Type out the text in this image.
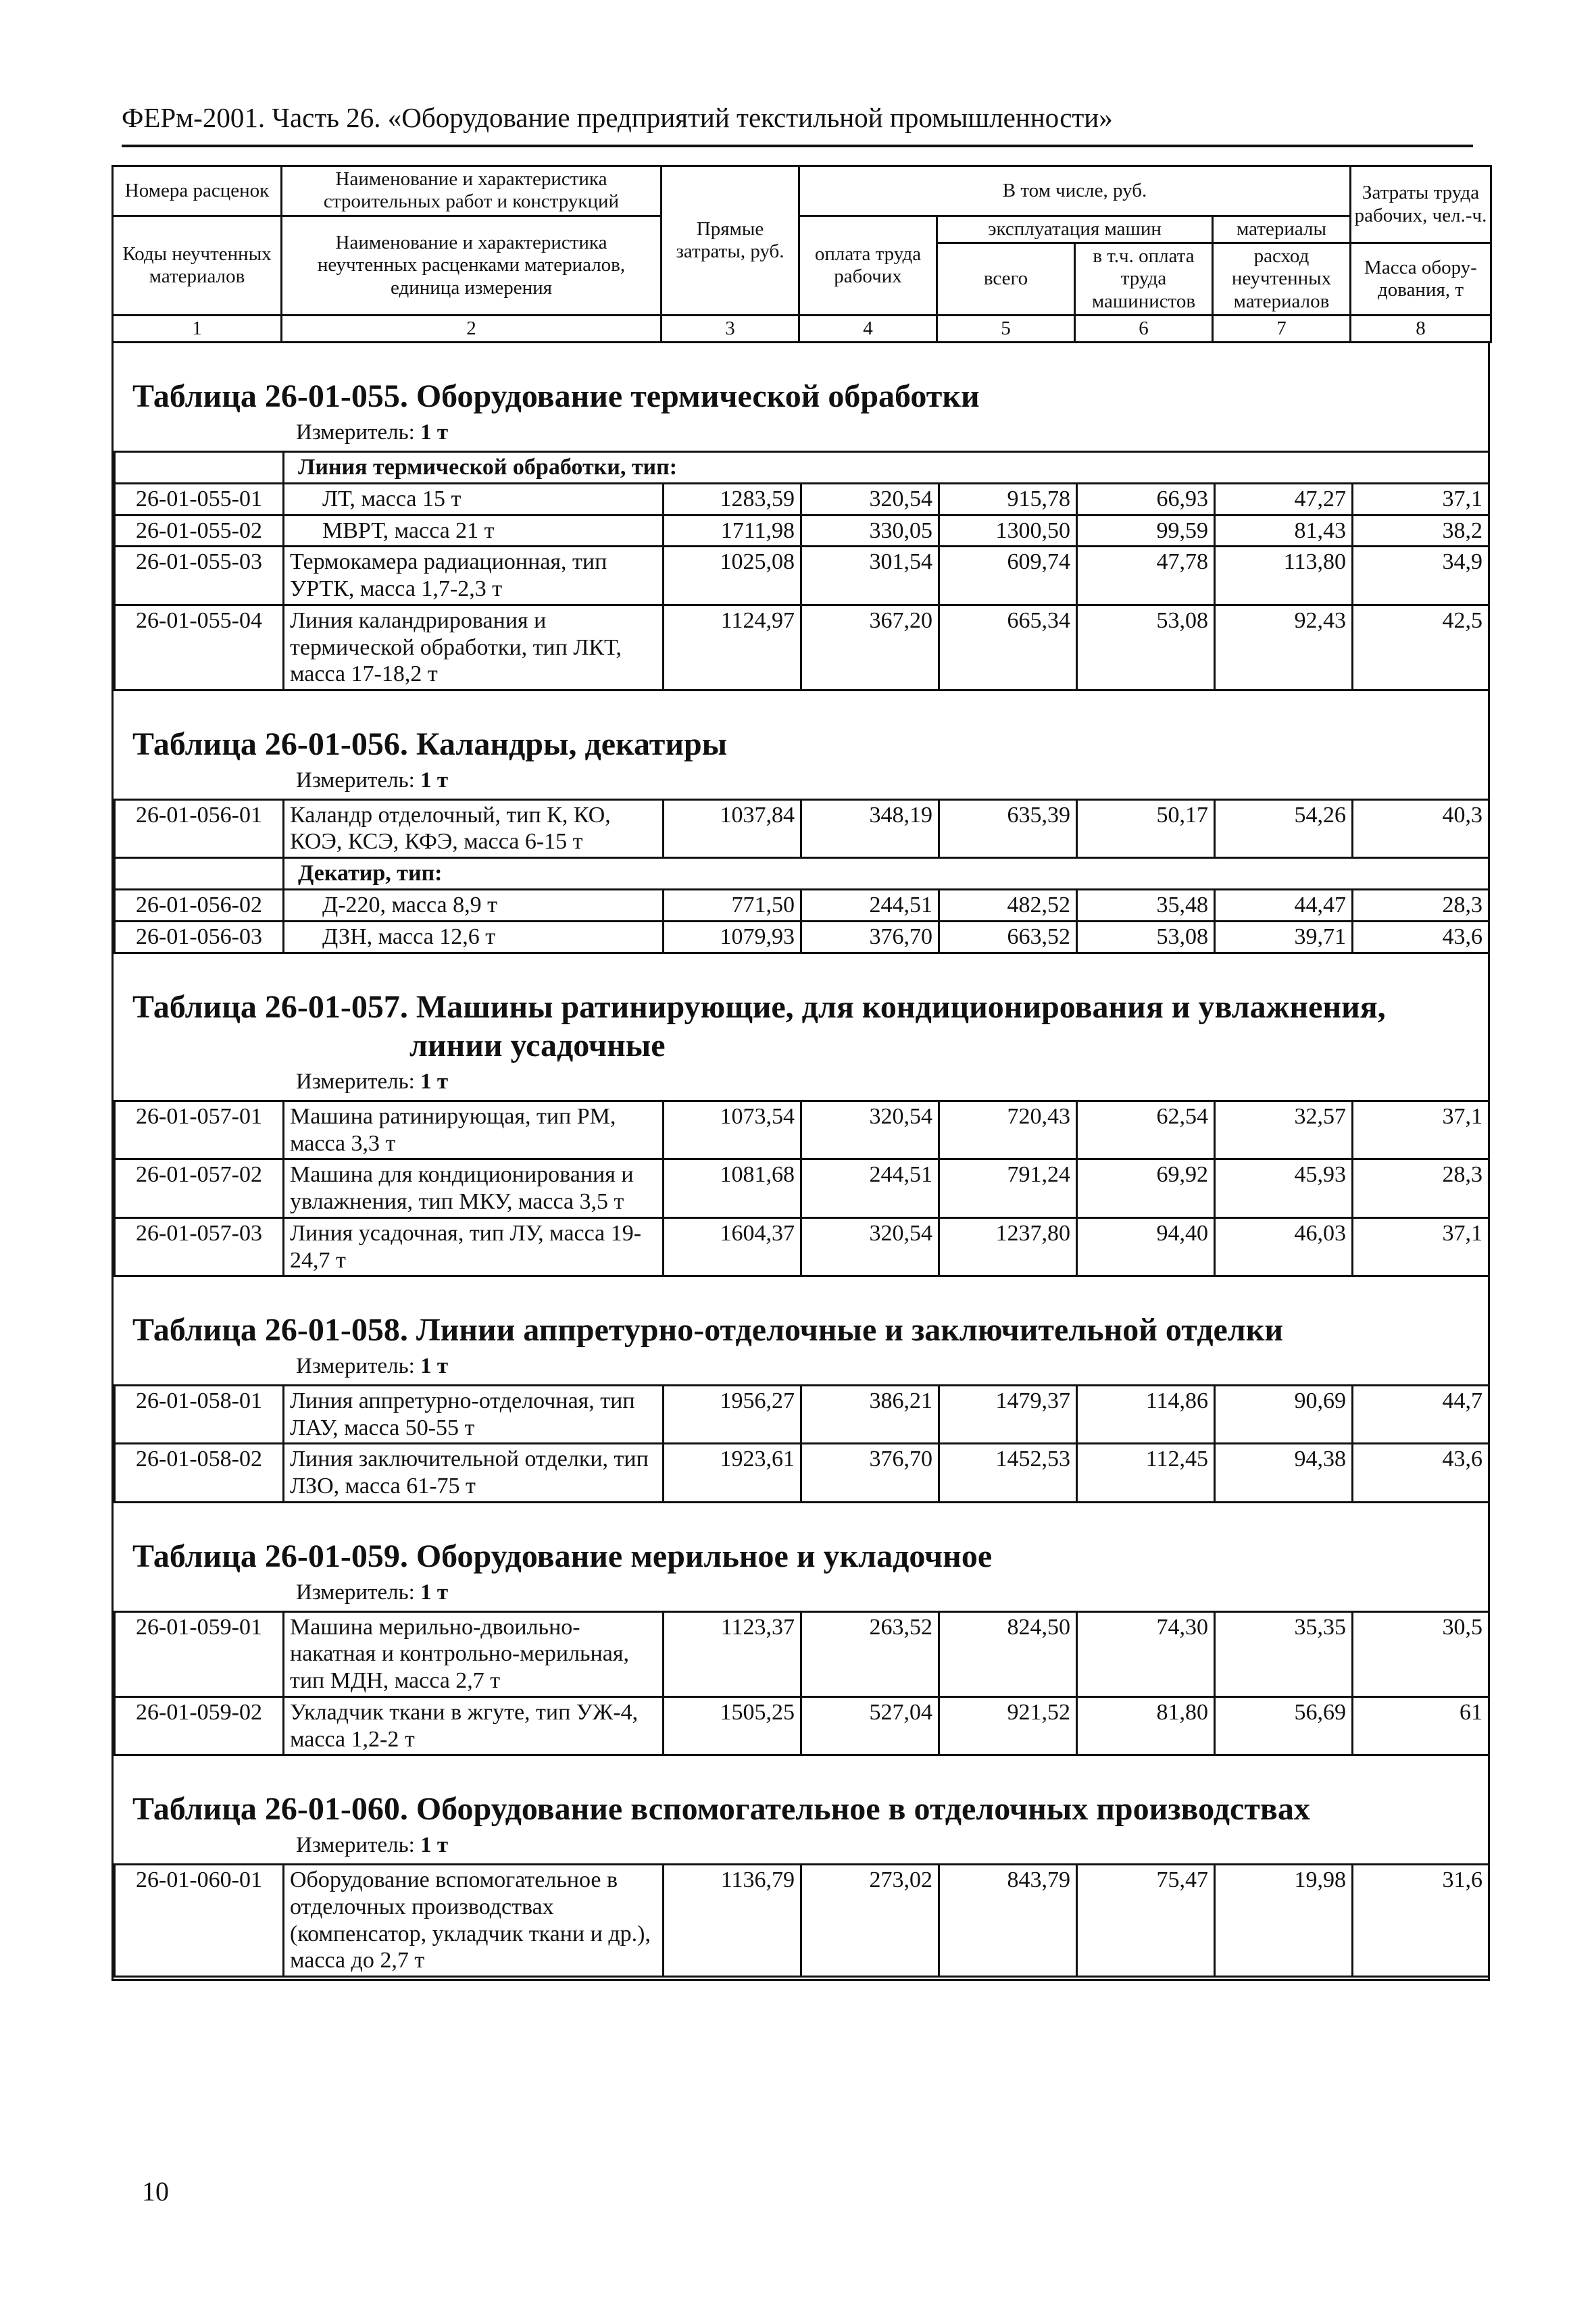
ФЕРм-2001. Часть 26. «Оборудование предприятий текстильной промышленности»
Номера расценок	Наименование и характеристика строительных работ и конструкций	Прямые затраты, руб.	В том числе, руб.				Затраты труда рабочих, чел.-ч.
Коды неучтенных материалов	Наименование и характеристика неучтенных расценками материалов, единица измерения		оплата труда рабочих	эксплуатация машин		материалы	
				всего	в т.ч. оплата труда машинистов	расход неучтенных материалов	Масса обору-дования, т
1	2	3	4	5	6	7	8
Таблица 26-01-055. Оборудование термической обработки
Измеритель: 1 т
	Линия термической обработки, тип:						
26-01-055-01	ЛТ, масса 15 т	1283,59	320,54	915,78	66,93	47,27	37,1
26-01-055-02	МВРТ, масса 21 т	1711,98	330,05	1300,50	99,59	81,43	38,2
26-01-055-03	Термокамера радиационная, тип УРТК, масса 1,7-2,3 т	1025,08	301,54	609,74	47,78	113,80	34,9
26-01-055-04	Линия каландрирования и термической обработки, тип ЛКТ, масса 17-18,2 т	1124,97	367,20	665,34	53,08	92,43	42,5
Таблица 26-01-056. Каландры, декатиры
Измеритель: 1 т
26-01-056-01	Каландр отделочный, тип К, КО, КОЭ, КСЭ, КФЭ, масса 6-15 т	1037,84	348,19	635,39	50,17	54,26	40,3
	Декатир, тип:						
26-01-056-02	Д-220, масса 8,9 т	771,50	244,51	482,52	35,48	44,47	28,3
26-01-056-03	ДЗН, масса 12,6 т	1079,93	376,70	663,52	53,08	39,71	43,6
Таблица 26-01-057. Машины ратинирующие, для кондиционирования и увлажнения,
линии усадочные
Измеритель: 1 т
26-01-057-01	Машина ратинирующая, тип РМ, масса 3,3 т	1073,54	320,54	720,43	62,54	32,57	37,1
26-01-057-02	Машина для кондиционирования и увлажнения, тип МКУ, масса 3,5 т	1081,68	244,51	791,24	69,92	45,93	28,3
26-01-057-03	Линия усадочная, тип ЛУ, масса 19-24,7 т	1604,37	320,54	1237,80	94,40	46,03	37,1
Таблица 26-01-058. Линии аппретурно-отделочные и заключительной отделки
Измеритель: 1 т
26-01-058-01	Линия аппретурно-отделочная, тип ЛАУ, масса 50-55 т	1956,27	386,21	1479,37	114,86	90,69	44,7
26-01-058-02	Линия заключительной отделки, тип ЛЗО, масса 61-75 т	1923,61	376,70	1452,53	112,45	94,38	43,6
Таблица 26-01-059. Оборудование мерильное и укладочное
Измеритель: 1 т
26-01-059-01	Машина мерильно-двоильно-накатная и контрольно-мерильная, тип МДН, масса 2,7 т	1123,37	263,52	824,50	74,30	35,35	30,5
26-01-059-02	Укладчик ткани в жгуте, тип УЖ-4, масса 1,2-2 т	1505,25	527,04	921,52	81,80	56,69	61
Таблица 26-01-060. Оборудование вспомогательное в отделочных производствах
Измеритель: 1 т
26-01-060-01	Оборудование вспомогательное в отделочных производствах (компенсатор, укладчик ткани и др.), масса до 2,7 т	1136,79	273,02	843,79	75,47	19,98	31,6
10
